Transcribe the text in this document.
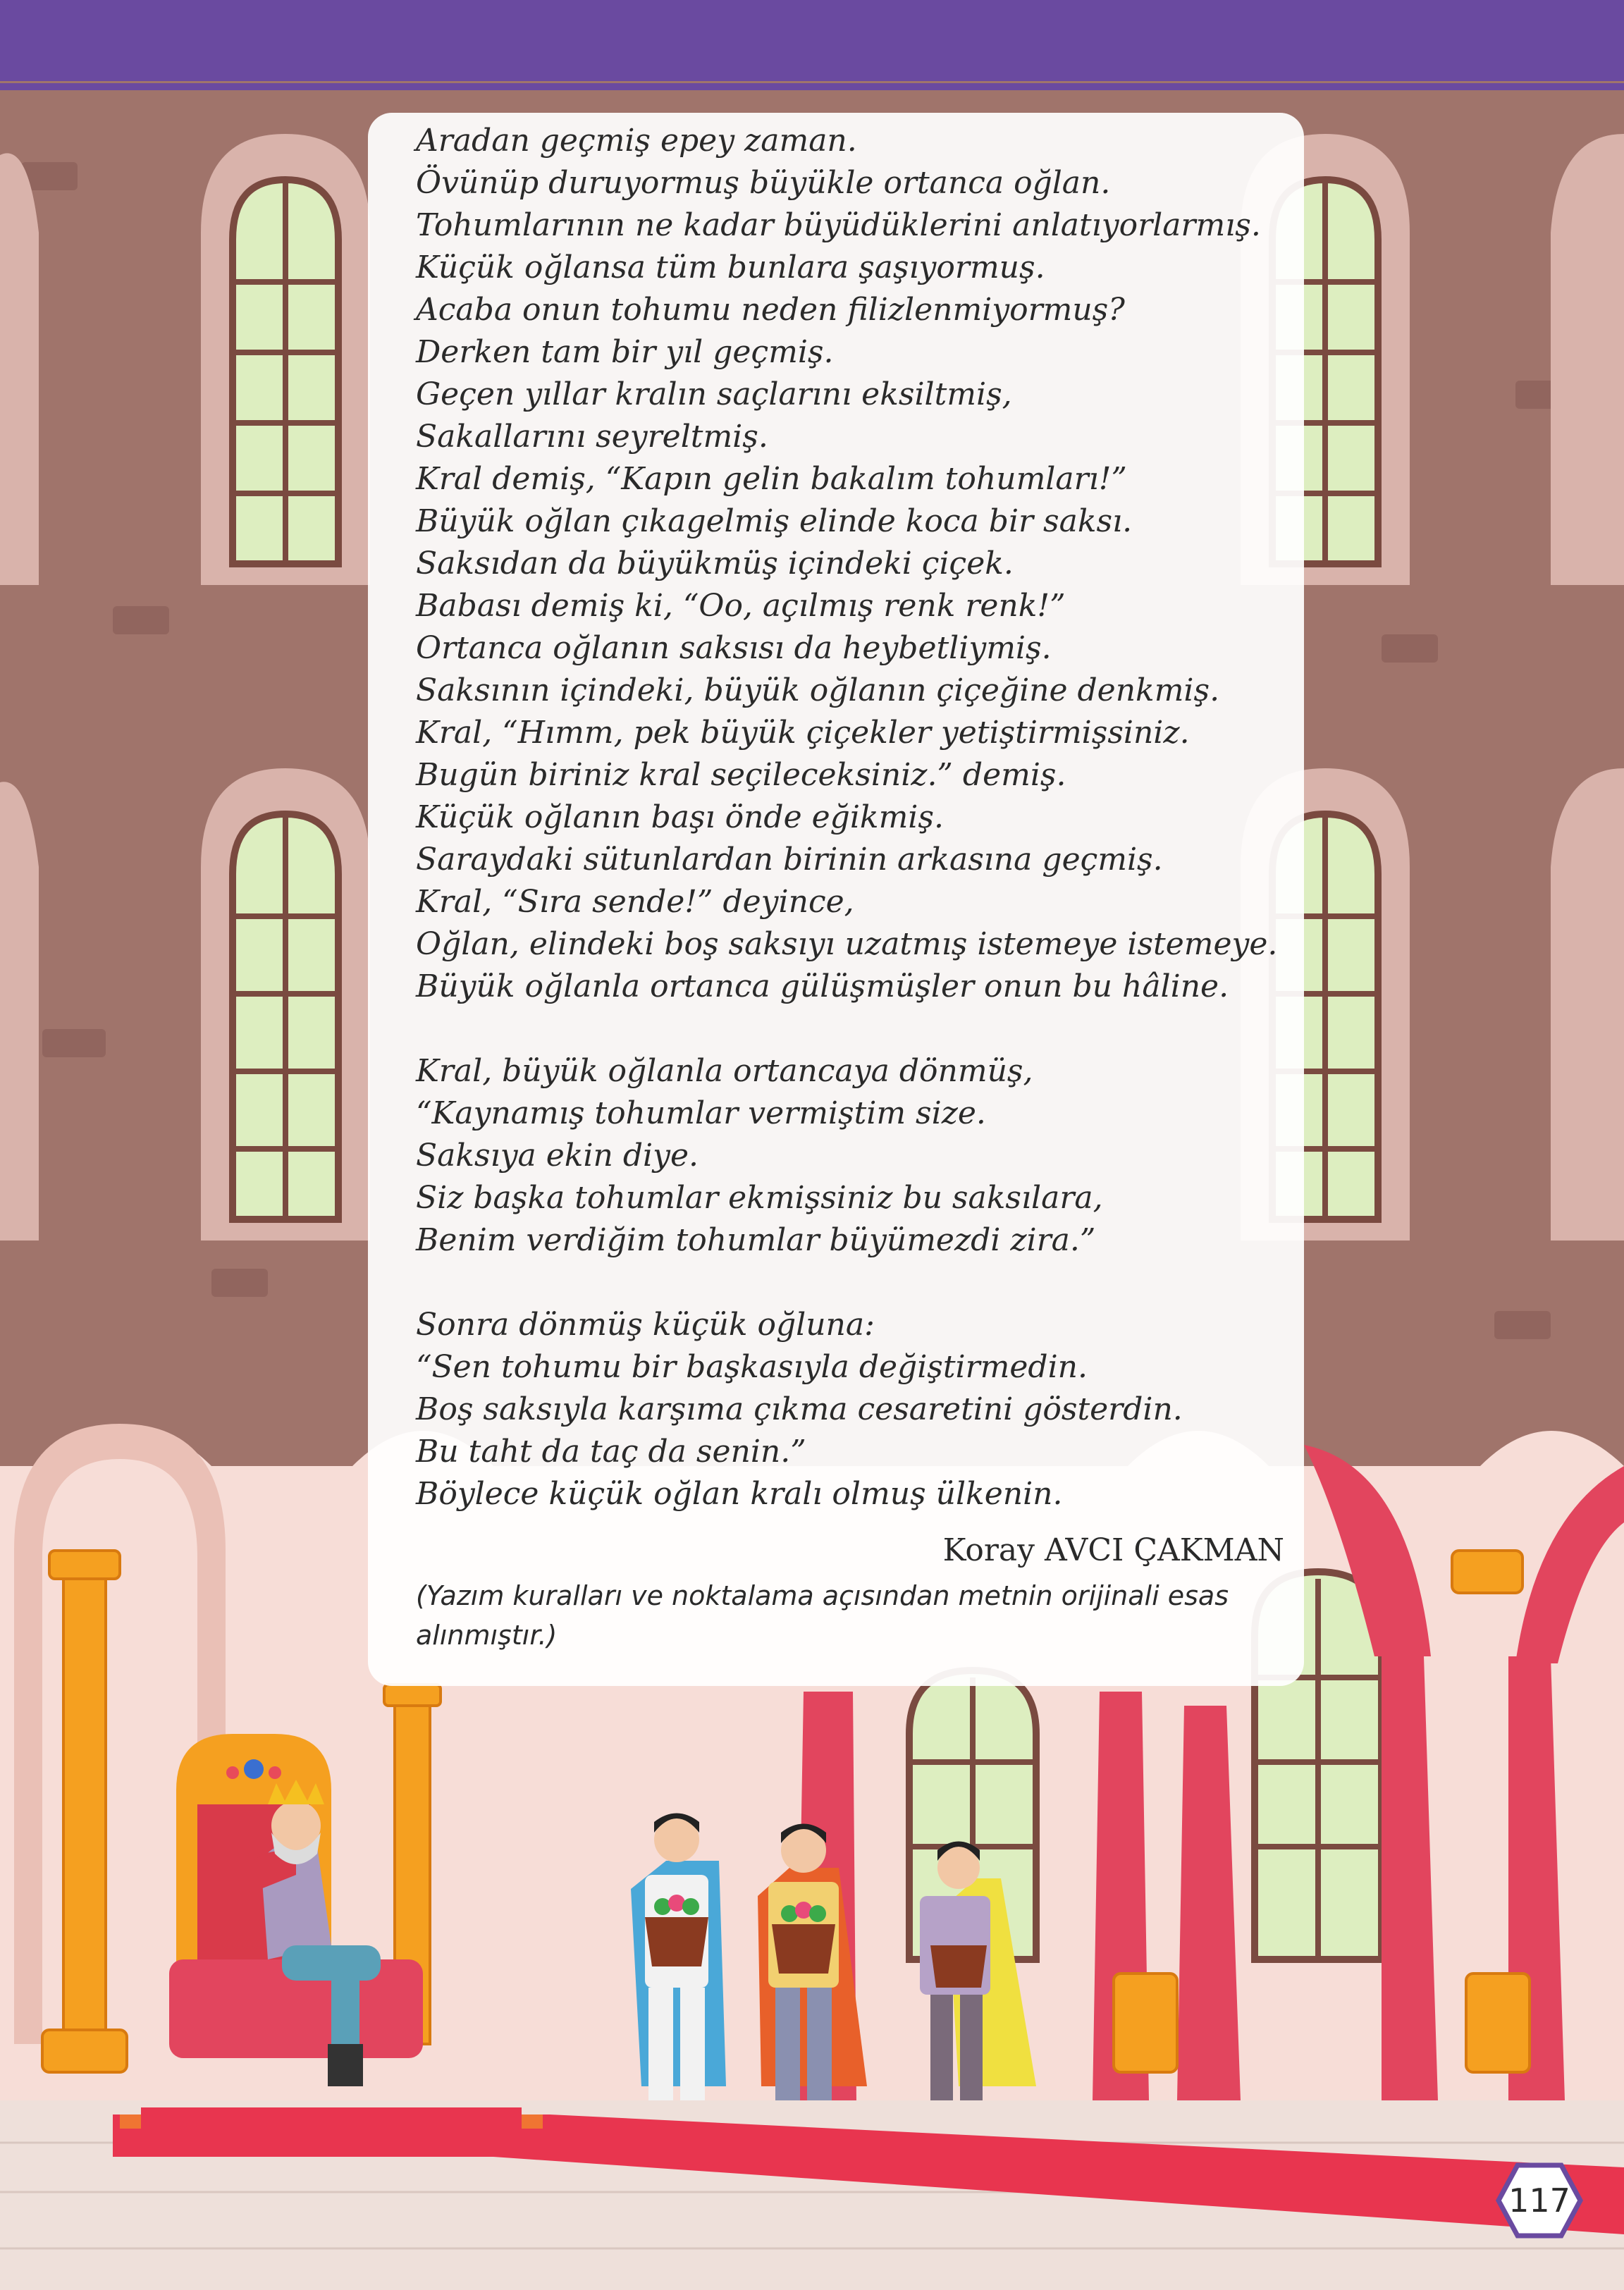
Aradan geçmiş epey zaman.
Övünüp duruyormuş büyükle ortanca oğlan.
Tohumlarının ne kadar büyüdüklerini anlatıyorlarmış.
Küçük oğlansa tüm bunlara şaşıyormuş.
Acaba onun tohumu neden filizlenmiyormuş?
Derken tam bir yıl geçmiş.
Geçen yıllar kralın saçlarını eksiltmiş,
Sakallarını seyreltmiş.
Kral demiş, “Kapın gelin bakalım tohumları!”
Büyük oğlan çıkagelmiş elinde koca bir saksı.
Saksıdan da büyükmüş içindeki çiçek.
Babası demiş ki, “Oo, açılmış renk renk!”
Ortanca oğlanın saksısı da heybetliymiş.
Saksının içindeki, büyük oğlanın çiçeğine denkmiş.
Kral, “Hımm, pek büyük çiçekler yetiştirmişsiniz.
Bugün biriniz kral seçileceksiniz.” demiş.
Küçük oğlanın başı önde eğikmiş.
Saraydaki sütunlardan birinin arkasına geçmiş.
Kral, “Sıra sende!” deyince,
Oğlan, elindeki boş saksıyı uzatmış istemeye istemeye.
Büyük oğlanla ortanca gülüşmüşler onun bu hâline.
Kral, büyük oğlanla ortancaya dönmüş,
“Kaynamış tohumlar vermiştim size.
Saksıya ekin diye.
Siz başka tohumlar ekmişsiniz bu saksılara,
Benim verdiğim tohumlar büyümezdi zira.”
Sonra dönmüş küçük oğluna:
“Sen tohumu bir başkasıyla değiştirmedin.
Boş saksıyla karşıma çıkma cesaretini gösterdin.
Bu taht da taç da senin.”
Böylece küçük oğlan kralı olmuş ülkenin.
Koray AVCI ÇAKMAN
(Yazım kuralları ve noktalama açısından metnin orijinali esas
alınmıştır.)
117
